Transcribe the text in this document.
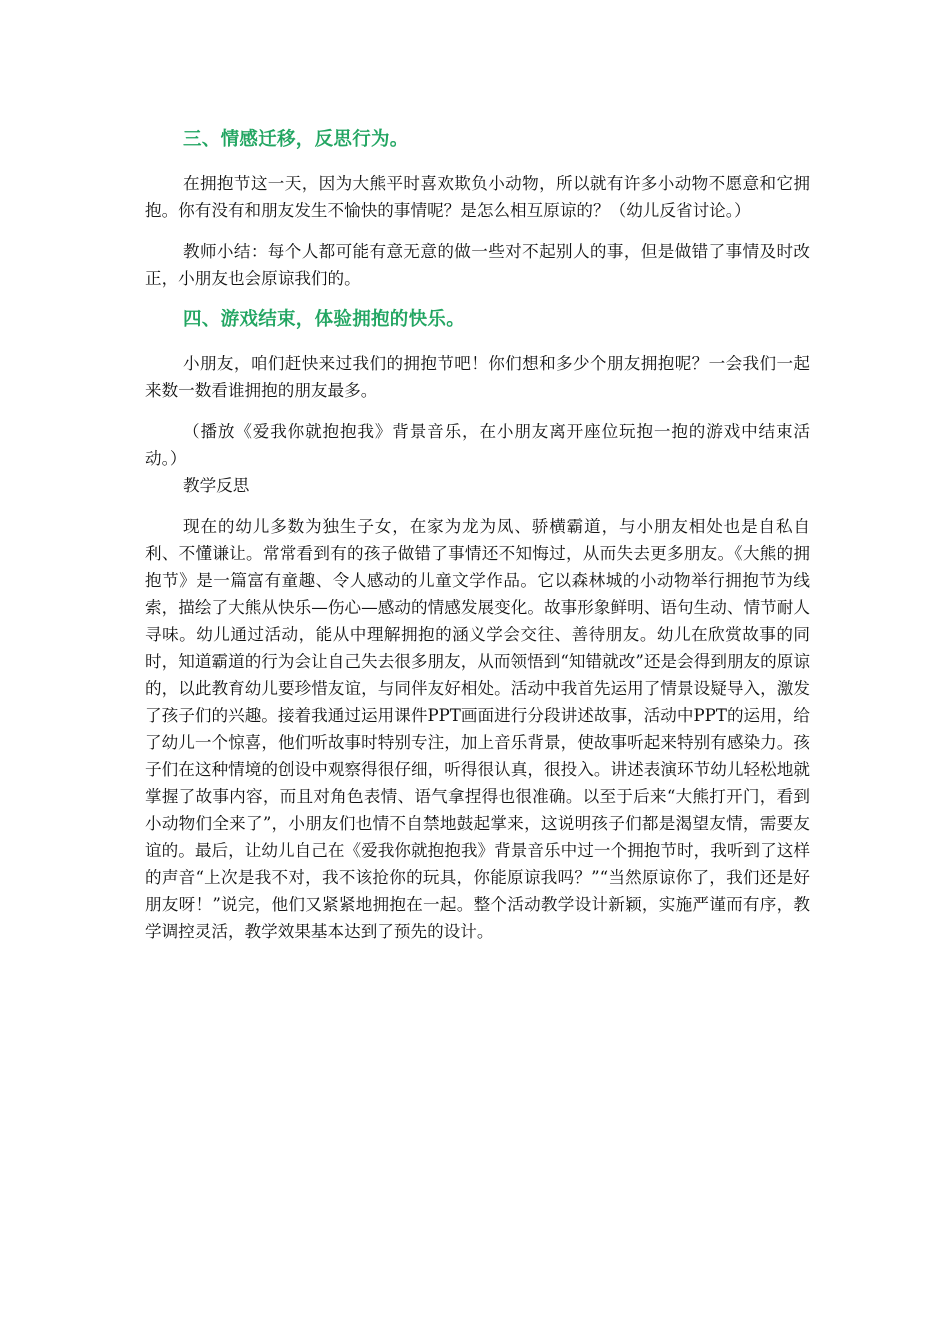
三、情感迁移，反思行为。

在拥抱节这一天，因为大熊平时喜欢欺负小动物，所以就有许多小动物不愿意和它拥抱。你有没有和朋友发生不愉快的事情呢？是怎么相互原谅的？（幼儿反省讨论。）

教师小结：每个人都可能有意无意的做一些对不起别人的事，但是做错了事情及时改正，小朋友也会原谅我们的。

四、游戏结束，体验拥抱的快乐。

小朋友，咱们赶快来过我们的拥抱节吧！你们想和多少个朋友拥抱呢？一会我们一起来数一数看谁拥抱的朋友最多。

（播放《爱我你就抱抱我》背景音乐，在小朋友离开座位玩抱一抱的游戏中结束活动。）

教学反思

现在的幼儿多数为独生子女，在家为龙为凤、骄横霸道，与小朋友相处也是自私自利、不懂谦让。常常看到有的孩子做错了事情还不知悔过，从而失去更多朋友。《大熊的拥抱节》是一篇富有童趣、令人感动的儿童文学作品。它以森林城的小动物举行拥抱节为线索，描绘了大熊从快乐—伤心—感动的情感发展变化。故事形象鲜明、语句生动、情节耐人寻味。幼儿通过活动，能从中理解拥抱的涵义学会交往、善待朋友。幼儿在欣赏故事的同时，知道霸道的行为会让自己失去很多朋友，从而领悟到“知错就改”还是会得到朋友的原谅的，以此教育幼儿要珍惜友谊，与同伴友好相处。活动中我首先运用了情景设疑导入，激发了孩子们的兴趣。接着我通过运用课件PPT画面进行分段讲述故事，活动中PPT的运用，给了幼儿一个惊喜，他们听故事时特别专注，加上音乐背景，使故事听起来特别有感染力。孩子们在这种情境的创设中观察得很仔细，听得很认真，很投入。讲述表演环节幼儿轻松地就掌握了故事内容，而且对角色表情、语气拿捏得也很准确。以至于后来“大熊打开门，看到小动物们全来了”，小朋友们也情不自禁地鼓起掌来，这说明孩子们都是渴望友情，需要友谊的。最后，让幼儿自己在《爱我你就抱抱我》背景音乐中过一个拥抱节时，我听到了这样的声音“上次是我不对，我不该抢你的玩具，你能原谅我吗？”“当然原谅你了，我们还是好朋友呀！”说完，他们又紧紧地拥抱在一起。整个活动教学设计新颖，实施严谨而有序，教学调控灵活，教学效果基本达到了预先的设计。
